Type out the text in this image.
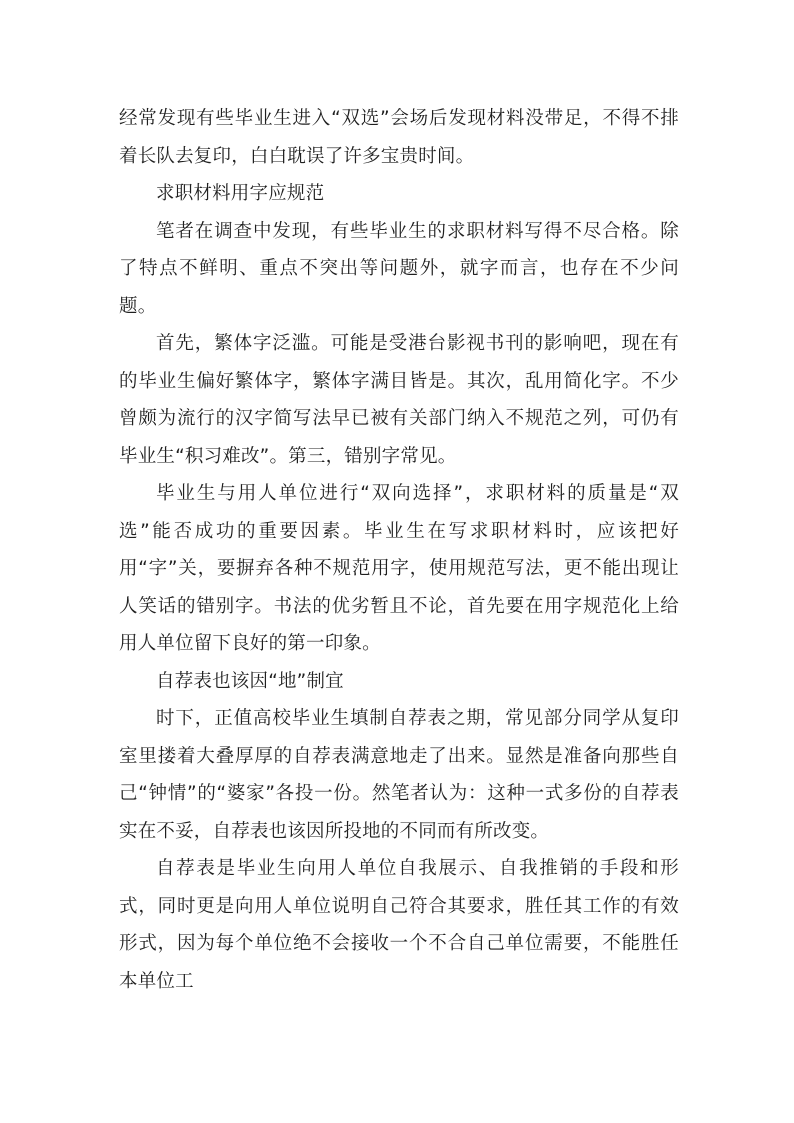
经常发现有些毕业生进入“双选”会场后发现材料没带足，不得不排着长队去复印，白白耽误了许多宝贵时间。

求职材料用字应规范

笔者在调查中发现，有些毕业生的求职材料写得不尽合格。除了特点不鲜明、重点不突出等问题外，就字而言，也存在不少问题。

首先，繁体字泛滥。可能是受港台影视书刊的影响吧，现在有的毕业生偏好繁体字，繁体字满目皆是。其次，乱用简化字。不少曾颇为流行的汉字简写法早已被有关部门纳入不规范之列，可仍有毕业生“积习难改”。第三，错别字常见。

毕业生与用人单位进行“双向选择”，求职材料的质量是“双选”能否成功的重要因素。毕业生在写求职材料时，应该把好用“字”关，要摒弃各种不规范用字，使用规范写法，更不能出现让人笑话的错别字。书法的优劣暂且不论，首先要在用字规范化上给用人单位留下良好的第一印象。

自荐表也该因“地”制宜

时下，正值高校毕业生填制自荐表之期，常见部分同学从复印室里搂着大叠厚厚的自荐表满意地走了出来。显然是准备向那些自己“钟情”的“婆家”各投一份。然笔者认为：这种一式多份的自荐表实在不妥，自荐表也该因所投地的不同而有所改变。

自荐表是毕业生向用人单位自我展示、自我推销的手段和形式，同时更是向用人单位说明自己符合其要求，胜任其工作的有效形式，因为每个单位绝不会接收一个不合自己单位需要，不能胜任本单位工
